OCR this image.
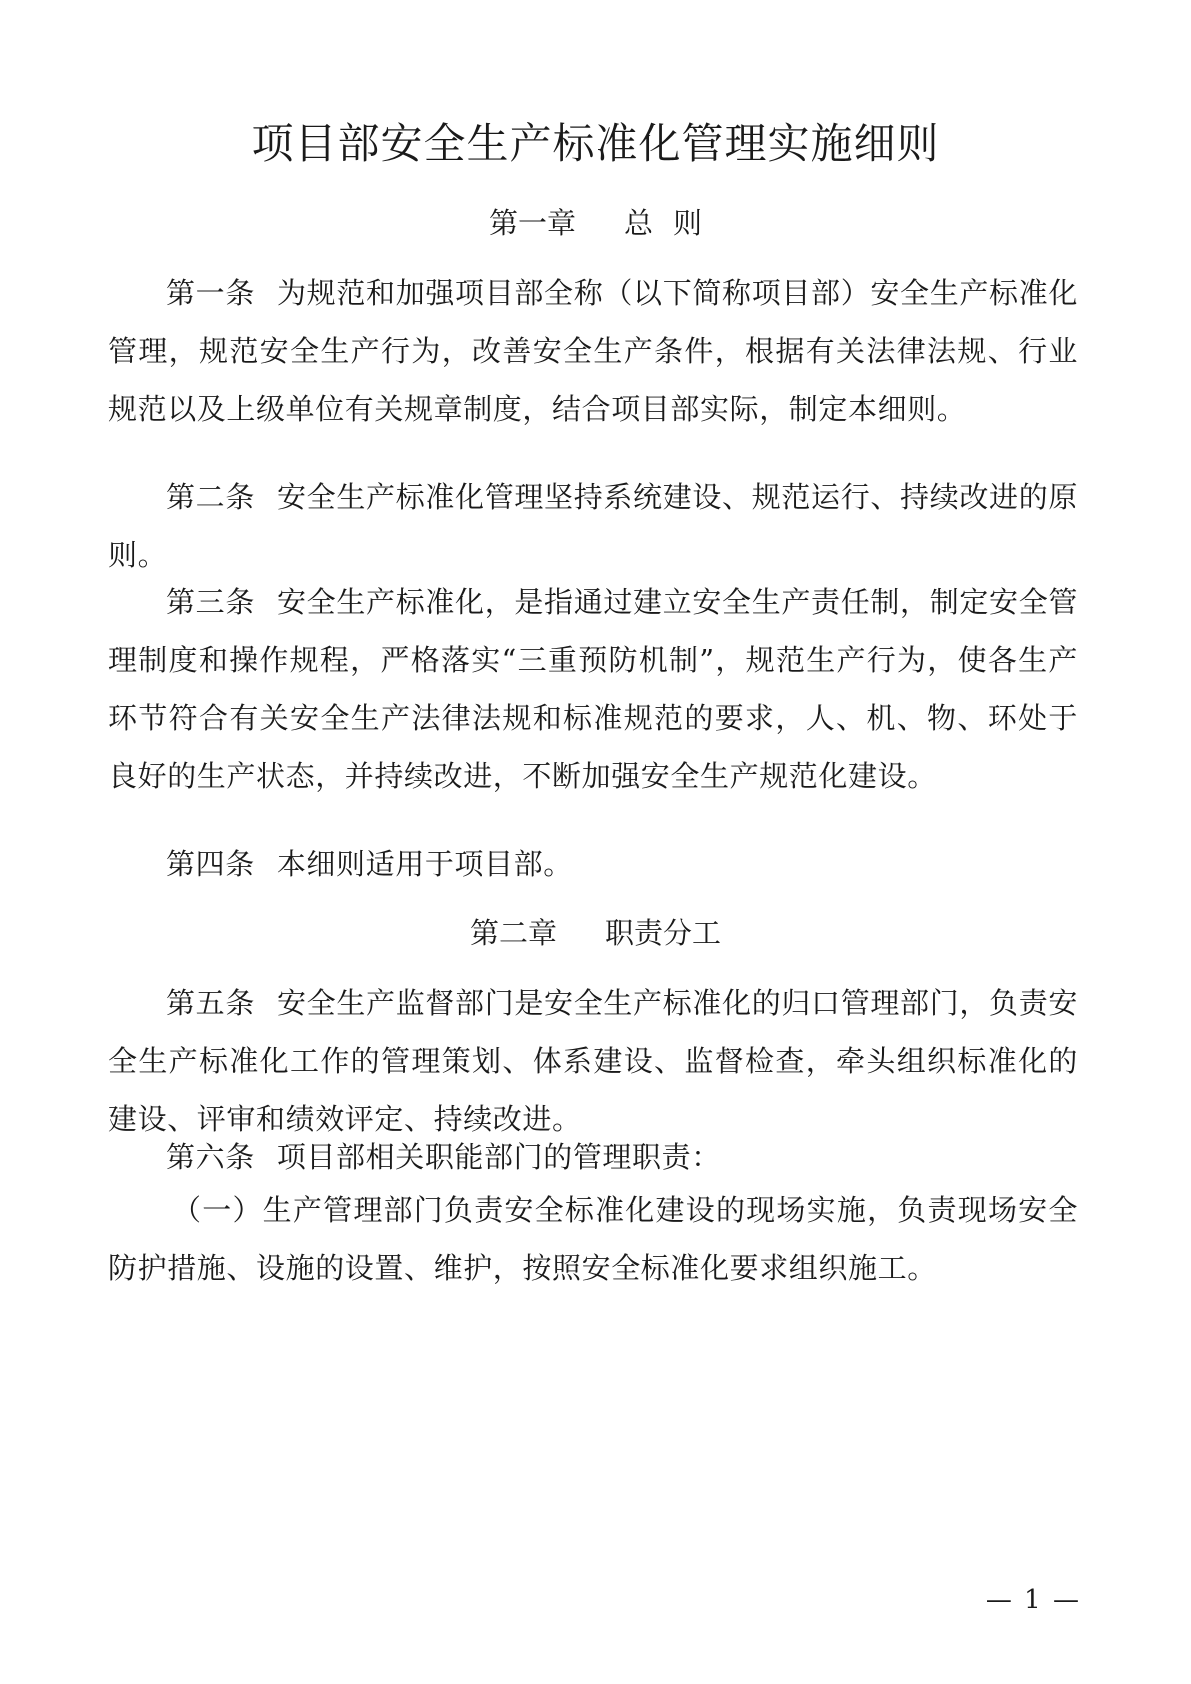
项目部安全生产标准化管理实施细则
第一章 总 则

第一条 为规范和加强项目部全称（以下简称项目部）安全生产标准化管理，规范安全生产行为，改善安全生产条件，根据有关法律法规、行业规范以及上级单位有关规章制度，结合项目部实际，制定本细则。

第二条 安全生产标准化管理坚持系统建设、规范运行、持续改进的原则。

第三条 安全生产标准化，是指通过建立安全生产责任制，制定安全管理制度和操作规程，严格落实“三重预防机制”，规范生产行为，使各生产环节符合有关安全生产法律法规和标准规范的要求，人、机、物、环处于良好的生产状态，并持续改进，不断加强安全生产规范化建设。

第四条 本细则适用于项目部。

第二章 职责分工

第五条 安全生产监督部门是安全生产标准化的归口管理部门，负责安全生产标准化工作的管理策划、体系建设、监督检查，牵头组织标准化的建设、评审和绩效评定、持续改进。

第六条 项目部相关职能部门的管理职责：

（一）生产管理部门负责安全标准化建设的现场实施，负责现场安全防护措施、设施的设置、维护，按照安全标准化要求组织施工。

— 1 —
